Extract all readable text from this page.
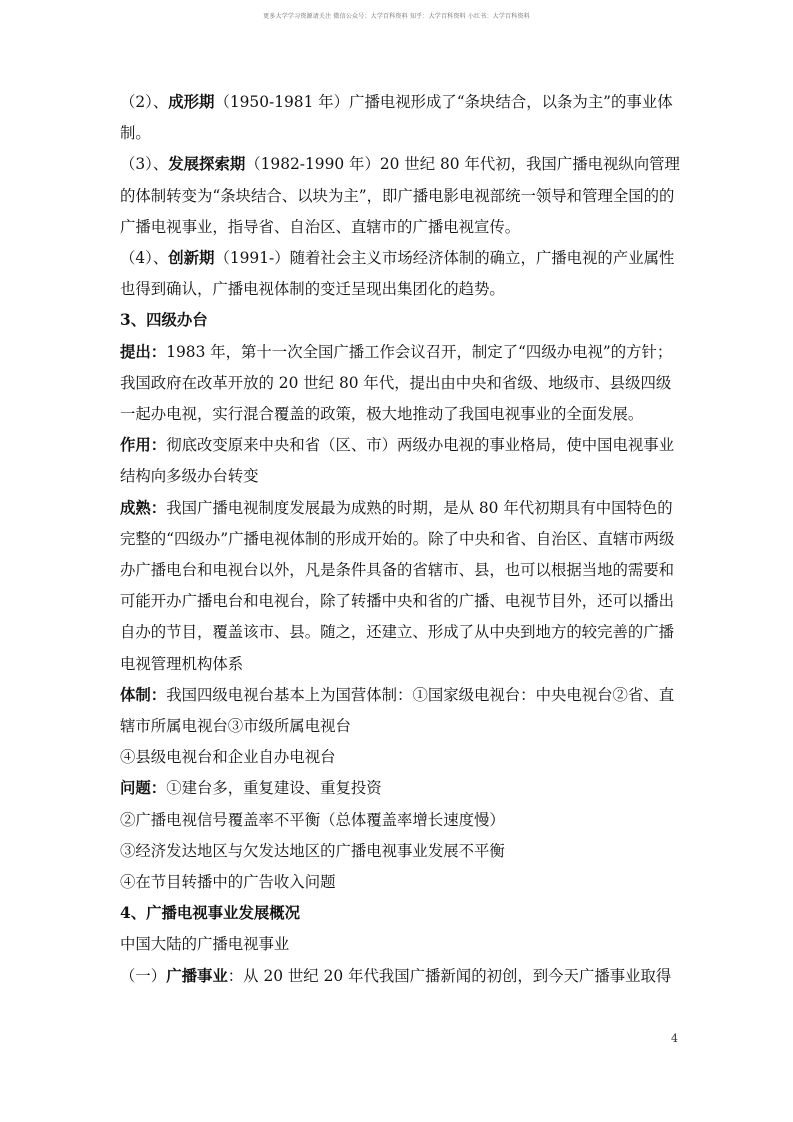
更多大学学习资源请关注 微信公众号：大学百科资料 知乎：大学百科资料 小红书：大学百科资料

（2）、成形期（1950-1981 年）广播电视形成了“条块结合，以条为主”的事业体制。

（3）、发展探索期（1982-1990 年）20 世纪 80 年代初，我国广播电视纵向管理的体制转变为“条块结合、以块为主”，即广播电影电视部统一领导和管理全国的的广播电视事业，指导省、自治区、直辖市的广播电视宣传。

（4）、创新期（1991-）随着社会主义市场经济体制的确立，广播电视的产业属性也得到确认，广播电视体制的变迁呈现出集团化的趋势。

3、四级办台

提出：1983 年，第十一次全国广播工作会议召开，制定了“四级办电视”的方针；我国政府在改革开放的 20 世纪 80 年代，提出由中央和省级、地级市、县级四级一起办电视，实行混合覆盖的政策，极大地推动了我国电视事业的全面发展。

作用：彻底改变原来中央和省（区、市）两级办电视的事业格局，使中国电视事业结构向多级办台转变

成熟：我国广播电视制度发展最为成熟的时期，是从 80 年代初期具有中国特色的完整的“四级办”广播电视体制的形成开始的。除了中央和省、自治区、直辖市两级办广播电台和电视台以外，凡是条件具备的省辖市、县，也可以根据当地的需要和可能开办广播电台和电视台，除了转播中央和省的广播、电视节目外，还可以播出自办的节目，覆盖该市、县。随之，还建立、形成了从中央到地方的较完善的广播电视管理机构体系

体制：我国四级电视台基本上为国营体制：①国家级电视台：中央电视台②省、直辖市所属电视台③市级所属电视台

④县级电视台和企业自办电视台

问题：①建台多，重复建设、重复投资

②广播电视信号覆盖率不平衡（总体覆盖率增长速度慢）

③经济发达地区与欠发达地区的广播电视事业发展不平衡

④在节目转播中的广告收入问题

4、广播电视事业发展概况

中国大陆的广播电视事业

（一）广播事业：从 20 世纪 20 年代我国广播新闻的初创，到今天广播事业取得

4
